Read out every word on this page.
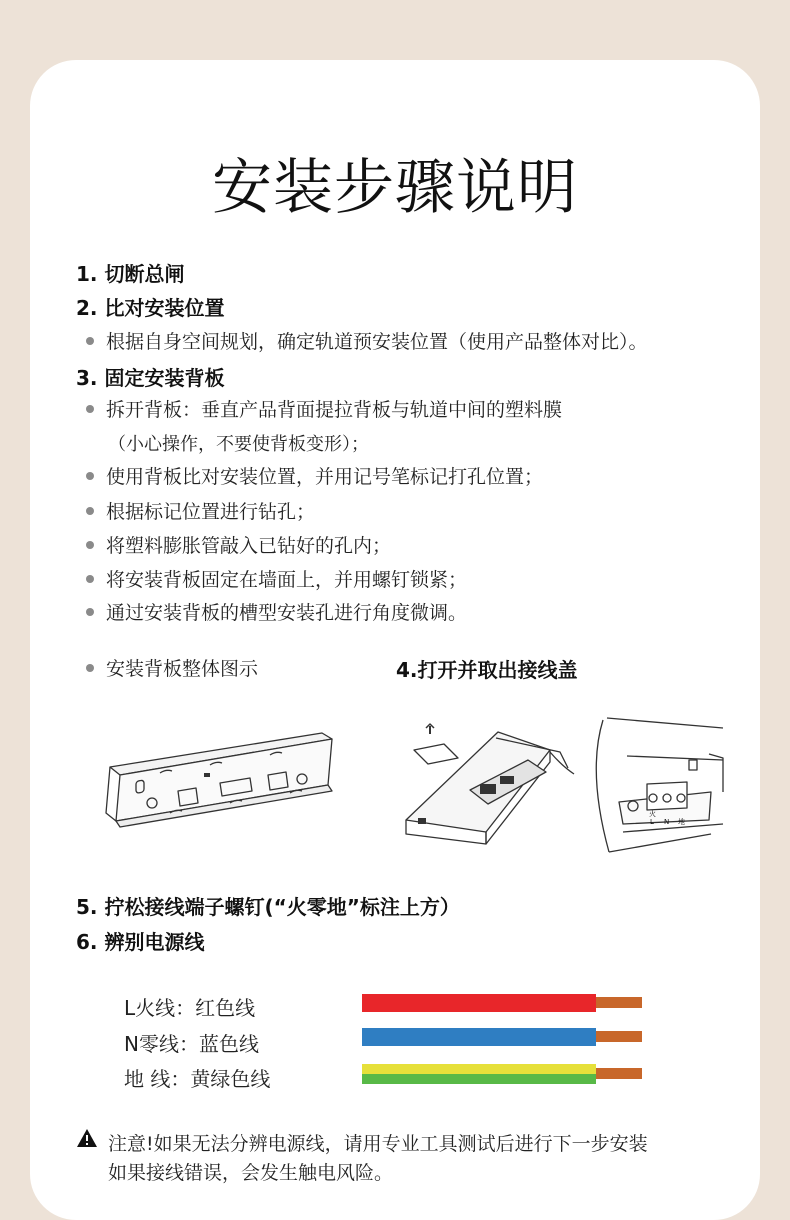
安装步骤说明
1. 切断总闸
2. 比对安装位置
根据自身空间规划，确定轨道预安装位置（使用产品整体对比）。
3. 固定安装背板
拆开背板：垂直产品背面提拉背板与轨道中间的塑料膜
（小心操作，不要使背板变形）；
使用背板比对安装位置，并用记号笔标记打孔位置；
根据标记位置进行钻孔；
将塑料膨胀管敲入已钻好的孔内；
将安装背板固定在墙面上，并用螺钉锁紧；
通过安装背板的槽型安装孔进行角度微调。
安装背板整体图示	4.打开并取出接线盖
火
L N 地
5. 拧松接线端子螺钉(“火零地”标注上方）
6. 辨别电源线
L火线：红色线
N零线：蓝色线
地 线：黄绿色线
注意!如果无法分辨电源线，请用专业工具测试后进行下一步安装
如果接线错误，会发生触电风险。
